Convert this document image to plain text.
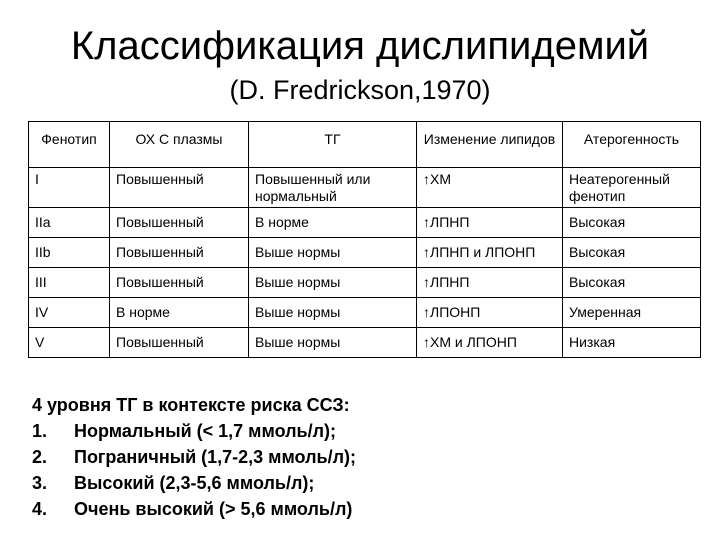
Классификация дислипидемий
(D. Fredrickson,1970)
Фенотип	ОХ С плазмы	ТГ	Изменение липидов	Атерогенность
I	Повышенный	Повышенный или нормальный	↑ХМ	Неатерогенный фенотип
IIa	Повышенный	В норме	↑ЛПНП	Высокая
IIb	Повышенный	Выше нормы	↑ЛПНП и ЛПОНП	Высокая
III	Повышенный	Выше нормы	↑ЛПНП	Высокая
IV	В норме	Выше нормы	↑ЛПОНП	Умеренная
V	Повышенный	Выше нормы	↑ХМ и ЛПОНП	Низкая
4 уровня ТГ в контексте риска ССЗ:
1.	Нормальный (< 1,7 ммоль/л);
2.	Пограничный (1,7-2,3 ммоль/л);
3.	Высокий (2,3-5,6 ммоль/л);
4.	Очень высокий (> 5,6 ммоль/л)
